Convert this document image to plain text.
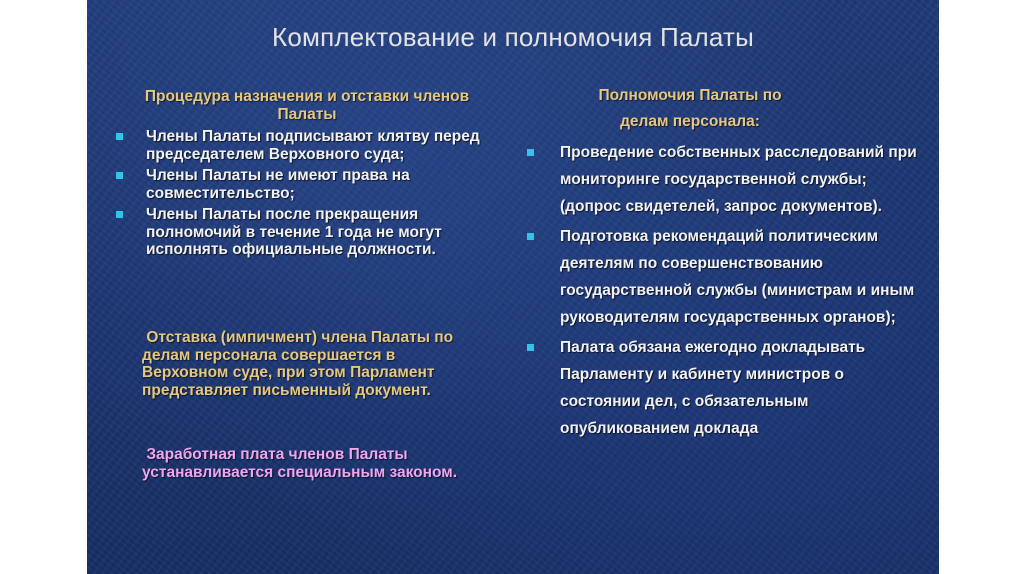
Комплектование и полномочия Палаты
Процедура назначения и отставки членов Палаты
Члены Палаты подписывают клятву перед председателем Верховного суда;
Члены Палаты не имеют права на совместительство;
Члены Палаты после прекращения полномочий в течение 1 года не могут исполнять официальные должности.
Отставка (импичмент) члена Палаты по делам персонала совершается в Верховном суде, при этом Парламент представляет письменный документ.
Заработная плата членов Палаты устанавливается специальным законом.
Полномочия Палаты по делам персонала:
Проведение собственных расследований при мониторинге государственной службы; (допрос свидетелей, запрос документов).
Подготовка рекомендаций политическим деятелям по совершенствованию государственной службы (министрам и иным руководителям государственных органов);
Палата обязана ежегодно докладывать Парламенту и кабинету министров о состоянии дел, с обязательным опубликованием доклада
